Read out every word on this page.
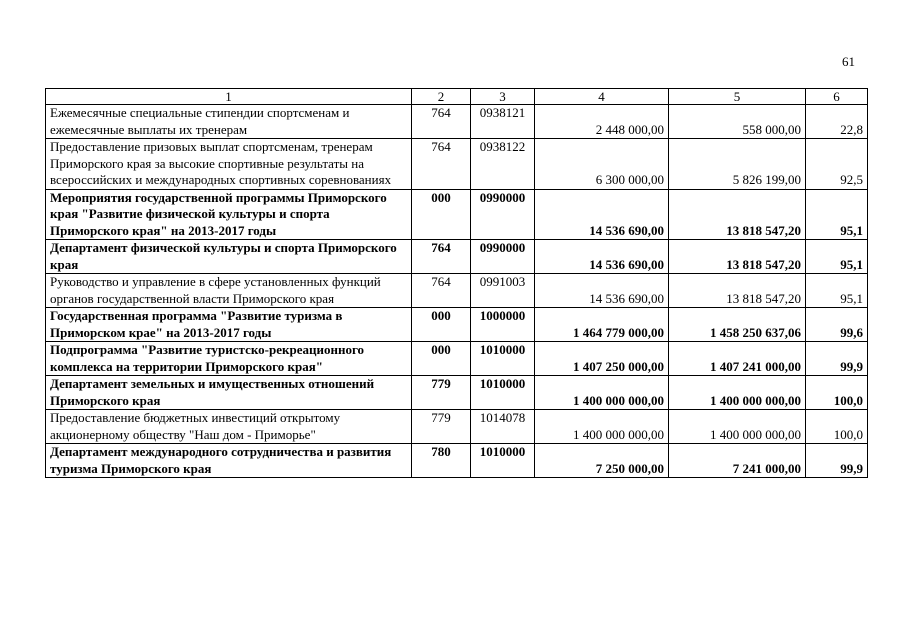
61
1	2	3	4	5	6
Ежемесячные специальные стипендии спортсменам и ежемесячные выплаты их тренерам	764	0938121	2 448 000,00	558 000,00	22,8
Предоставление призовых выплат спортсменам, тренерам Приморского края за высокие спортивные результаты на всероссийских и международных спортивных соревнованиях	764	0938122	6 300 000,00	5 826 199,00	92,5
Мероприятия государственной программы Приморского края "Развитие физической культуры и спорта Приморского края" на 2013-2017 годы	000	0990000	14 536 690,00	13 818 547,20	95,1
Департамент физической культуры и спорта Приморского края	764	0990000	14 536 690,00	13 818 547,20	95,1
Руководство и управление в сфере установленных функций органов государственной власти Приморского края	764	0991003	14 536 690,00	13 818 547,20	95,1
Государственная программа "Развитие туризма в Приморском крае" на 2013-2017 годы	000	1000000	1 464 779 000,00	1 458 250 637,06	99,6
Подпрограмма "Развитие туристско-рекреационного комплекса на территории Приморского края"	000	1010000	1 407 250 000,00	1 407 241 000,00	99,9
Департамент земельных и имущественных отношений Приморского края	779	1010000	1 400 000 000,00	1 400 000 000,00	100,0
Предоставление бюджетных инвестиций открытому акционерному обществу "Наш дом - Приморье"	779	1014078	1 400 000 000,00	1 400 000 000,00	100,0
Департамент международного сотрудничества и развития туризма Приморского края	780	1010000	7 250 000,00	7 241 000,00	99,9
